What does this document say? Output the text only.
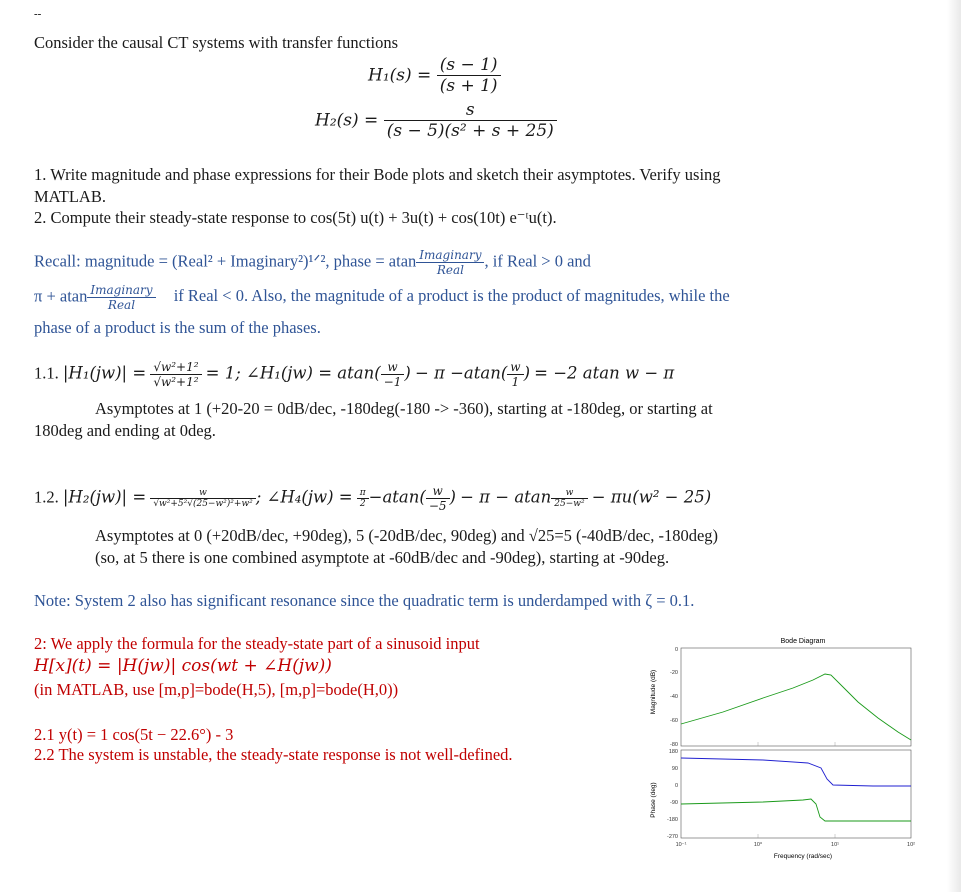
--
Consider the causal CT systems with transfer functions
$H_1(s) = \frac{(s - 1)}{(s + 1)}$
$H_2(s) = \frac{s}{\text{(s − 5)(s² + s + 25)}}$
1. Write magnitude and phase expressions for their Bode plots and sketch their asymptotes. Verify using
MATLAB.
2. Compute their steady-state response to cos(5t) u(t) + 3u(t) + cos(10t) e⁻ᵗu(t).
Recall: magnitude = (Real² + Imaginary²)¹ᐟ², phase = atan $\frac{\text{Imaginary}}{\text{Real}}$ , if Real > 0 and
π + atan $\frac{\text{Imaginary}}{\text{Real}}$ if Real < 0. Also, the magnitude of a product is the product of magnitudes, while the
phase of a product is the sum of the phases.
1.1. $|H_1(jw)| = \frac{\text{√w²+1²}}{\text{√w²+1²}} = 1$; ∠H₁(jw) = $atan( \frac{w}{-1}$ ) − $\pi -atan( \frac{w}{1}$ ) = −2 atan w − π
Asymptotes at 1 (+20-20 = 0dB/dec, -180deg(-180 -> -360), starting at -180deg, or starting at
180deg and ending at 0deg.
1.2. $|H_2(jw)| = \frac{w}{\text{√w²+5²√(25−w²)²+w²}}$ ; ∠H₄(jw) = $\frac{\pi}{2} -atan( \frac{w}{-5}$ ) − π − atan $\frac{w}{\text{25−w²}} - \pi u(w^2 - 25)$
Asymptotes at 0 (+20dB/dec, +90deg), 5 (-20dB/dec, 90deg) and √25=5 (-40dB/dec, -180deg)
(so, at 5 there is one combined asymptote at -60dB/dec and -90deg), starting at -90deg.
Note: System 2 also has significant resonance since the quadratic term is underdamped with ζ = 0.1.
2: We apply the formula for the steady-state part of a sinusoid input
H[x](t) = |H(jw)| cos(wt + ∠H(jw))
(in MATLAB, use [m,p]=bode(H,5), [m,p]=bode(H,0))
2.1 y(t) = 1 cos(5t − 22.6°) - 3
2.2 The system is unstable, the steady-state response is not well-defined.
Bode Diagram
Magnitude (dB)
Phase (deg)
0
-20
-40
-60
-80
180
90
0
-90
-180
-270
10⁻¹	10⁰	10¹	10²
Frequency (rad/sec)
